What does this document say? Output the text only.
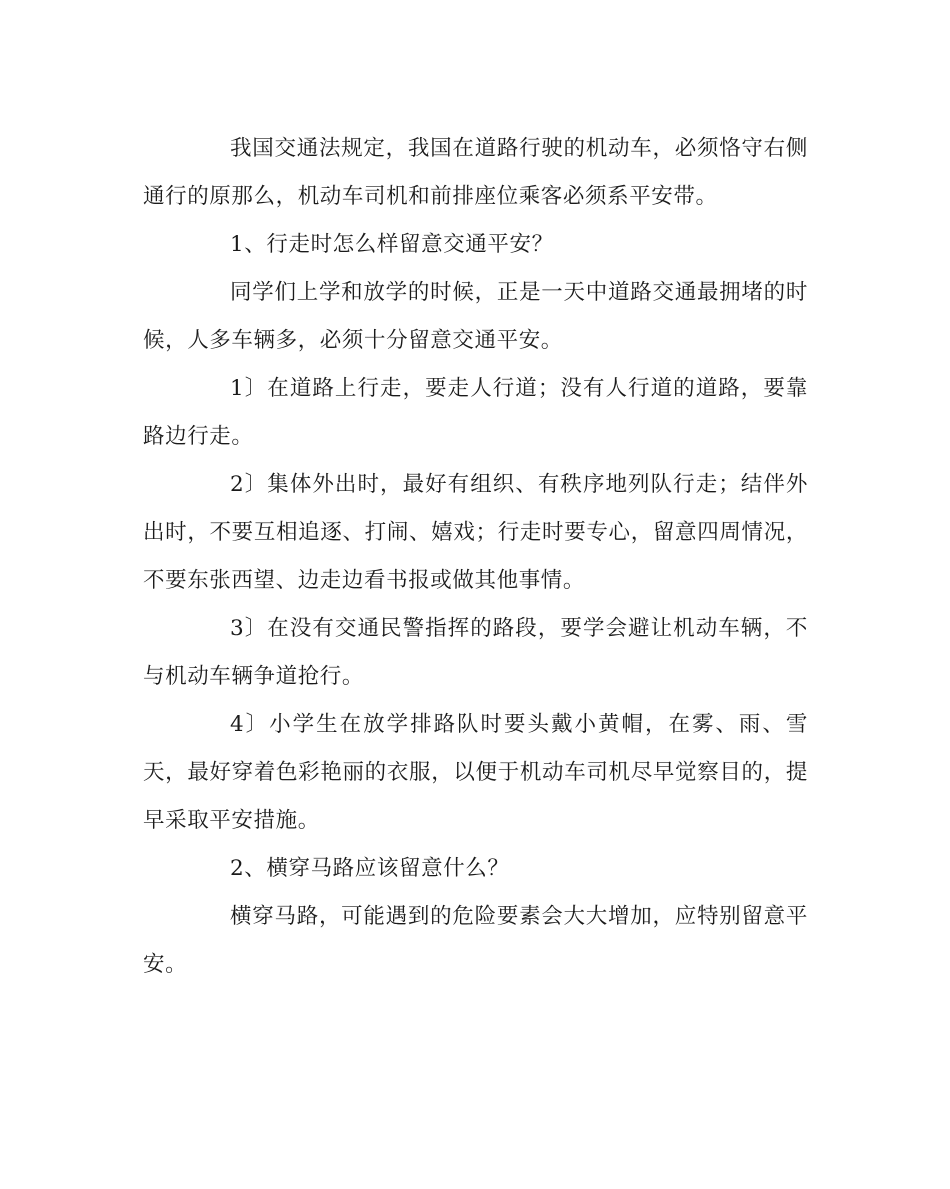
我国交通法规定，我国在道路行驶的机动车，必须恪守右侧通行的原那么，机动车司机和前排座位乘客必须系平安带。

1、行走时怎么样留意交通平安？

同学们上学和放学的时候，正是一天中道路交通最拥堵的时候，人多车辆多，必须十分留意交通平安。

1〕在道路上行走，要走人行道；没有人行道的道路，要靠路边行走。

2〕集体外出时，最好有组织、有秩序地列队行走；结伴外出时，不要互相追逐、打闹、嬉戏；行走时要专心，留意四周情况，不要东张西望、边走边看书报或做其他事情。

3〕在没有交通民警指挥的路段，要学会避让机动车辆，不与机动车辆争道抢行。

4〕小学生在放学排路队时要头戴小黄帽，在雾、雨、雪天，最好穿着色彩艳丽的衣服，以便于机动车司机尽早觉察目的，提早采取平安措施。

2、横穿马路应该留意什么？

横穿马路，可能遇到的危险要素会大大增加，应特别留意平安。
